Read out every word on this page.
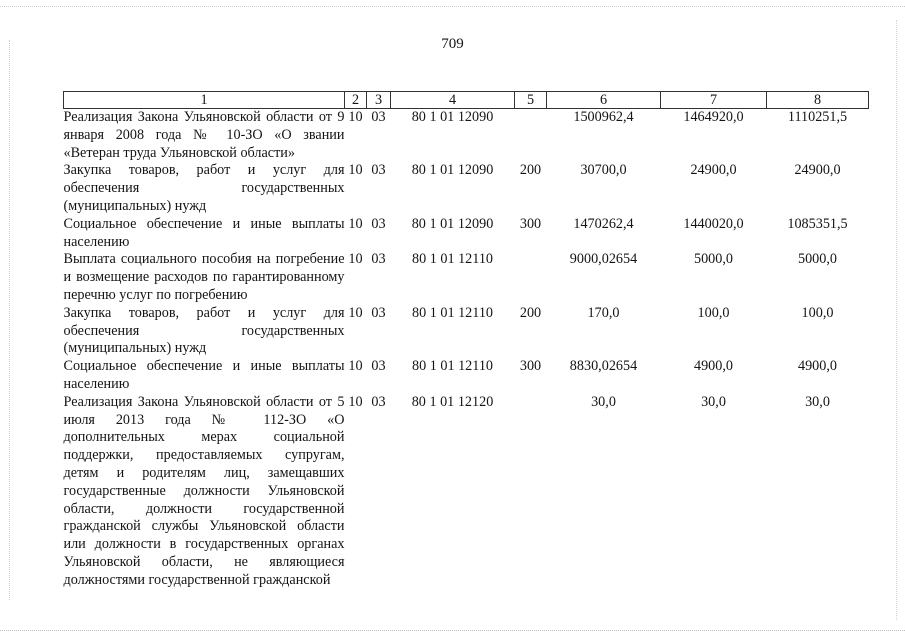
709
1	2	3	4	5	6	7	8
Реализация Закона Ульяновской области от 9 января 2008 года № 10-ЗО «О звании «Ветеран труда Ульяновской области»	10	03	80 1 01 12090		1500962,4	1464920,0	1110251,5
Закупка товаров, работ и услуг для обеспечения государственных (муниципальных) нужд	10	03	80 1 01 12090	200	30700,0	24900,0	24900,0
Социальное обеспечение и иные выплаты населению	10	03	80 1 01 12090	300	1470262,4	1440020,0	1085351,5
Выплата социального пособия на погребение и возмещение расходов по гарантированному перечню услуг по погребению	10	03	80 1 01 12110		9000,02654	5000,0	5000,0
Закупка товаров, работ и услуг для обеспечения государственных (муниципальных) нужд	10	03	80 1 01 12110	200	170,0	100,0	100,0
Социальное обеспечение и иные выплаты населению	10	03	80 1 01 12110	300	8830,02654	4900,0	4900,0
Реализация Закона Ульяновской области от 5 июля 2013 года № 112-ЗО «О дополнительных мерах социальной поддержки, предоставляемых супругам, детям и родителям лиц, замещавших государственные должности Ульяновской области, должности государственной гражданской службы Ульяновской области или должности в государственных органах Ульяновской области, не являющиеся должностями государственной гражданской	10	03	80 1 01 12120		30,0	30,0	30,0
